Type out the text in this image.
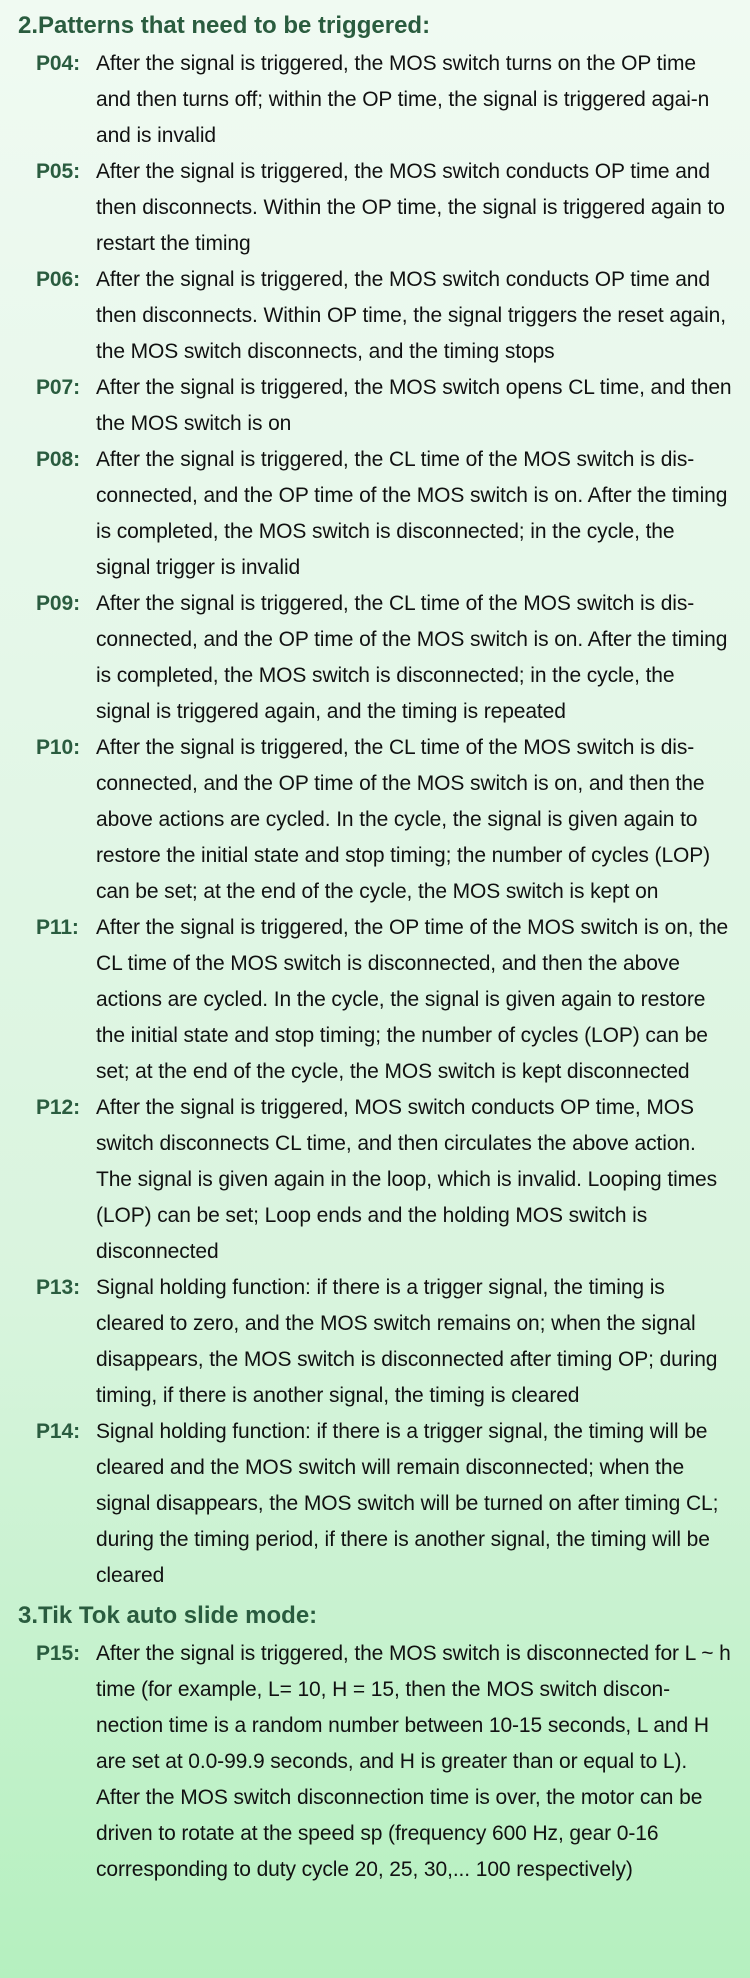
2.Patterns that need to be triggered:
P04: After the signal is triggered, the MOS switch turns on the OP time and then turns off; within the OP time, the signal is triggered agai-n and is invalid
P05: After the signal is triggered, the MOS switch conducts OP time and then disconnects. Within the OP time, the signal is triggered again to restart the timing
P06: After the signal is triggered, the MOS switch conducts OP time and then disconnects. Within OP time, the signal triggers the reset again, the MOS switch disconnects, and the timing stops
P07: After the signal is triggered, the MOS switch opens CL time, and then the MOS switch is on
P08: After the signal is triggered, the CL time of the MOS switch is dis-connected, and the OP time of the MOS switch is on. After the timing is completed, the MOS switch is disconnected; in the cycle, the signal trigger is invalid
P09: After the signal is triggered, the CL time of the MOS switch is dis-connected, and the OP time of the MOS switch is on. After the timing is completed, the MOS switch is disconnected; in the cycle, the signal is triggered again, and the timing is repeated
P10: After the signal is triggered, the CL time of the MOS switch is dis-connected, and the OP time of the MOS switch is on, and then the above actions are cycled. In the cycle, the signal is given again to restore the initial state and stop timing; the number of cycles (LOP) can be set; at the end of the cycle, the MOS switch is kept on
P11: After the signal is triggered, the OP time of the MOS switch is on, the CL time of the MOS switch is disconnected, and then the above actions are cycled. In the cycle, the signal is given again to restore the initial state and stop timing; the number of cycles (LOP) can be set; at the end of the cycle, the MOS switch is kept disconnected
P12: After the signal is triggered, MOS switch conducts OP time, MOS switch disconnects CL time, and then circulates the above action. The signal is given again in the loop, which is invalid. Looping times (LOP) can be set; Loop ends and the holding MOS switch is disconnected
P13: Signal holding function: if there is a trigger signal, the timing is cleared to zero, and the MOS switch remains on; when the signal disappears, the MOS switch is disconnected after timing OP; during timing, if there is another signal, the timing is cleared
P14: Signal holding function: if there is a trigger signal, the timing will be cleared and the MOS switch will remain disconnected; when the signal disappears, the MOS switch will be turned on after timing CL; during the timing period, if there is another signal, the timing will be cleared
3.Tik Tok auto slide mode:
P15: After the signal is triggered, the MOS switch is disconnected for L ~ h time (for example, L= 10, H = 15, then the MOS switch discon-nection time is a random number between 10-15 seconds, L and H are set at 0.0-99.9 seconds, and H is greater than or equal to L). After the MOS switch disconnection time is over, the motor can be driven to rotate at the speed sp (frequency 600 Hz, gear 0-16 corresponding to duty cycle 20, 25, 30,... 100 respectively)
